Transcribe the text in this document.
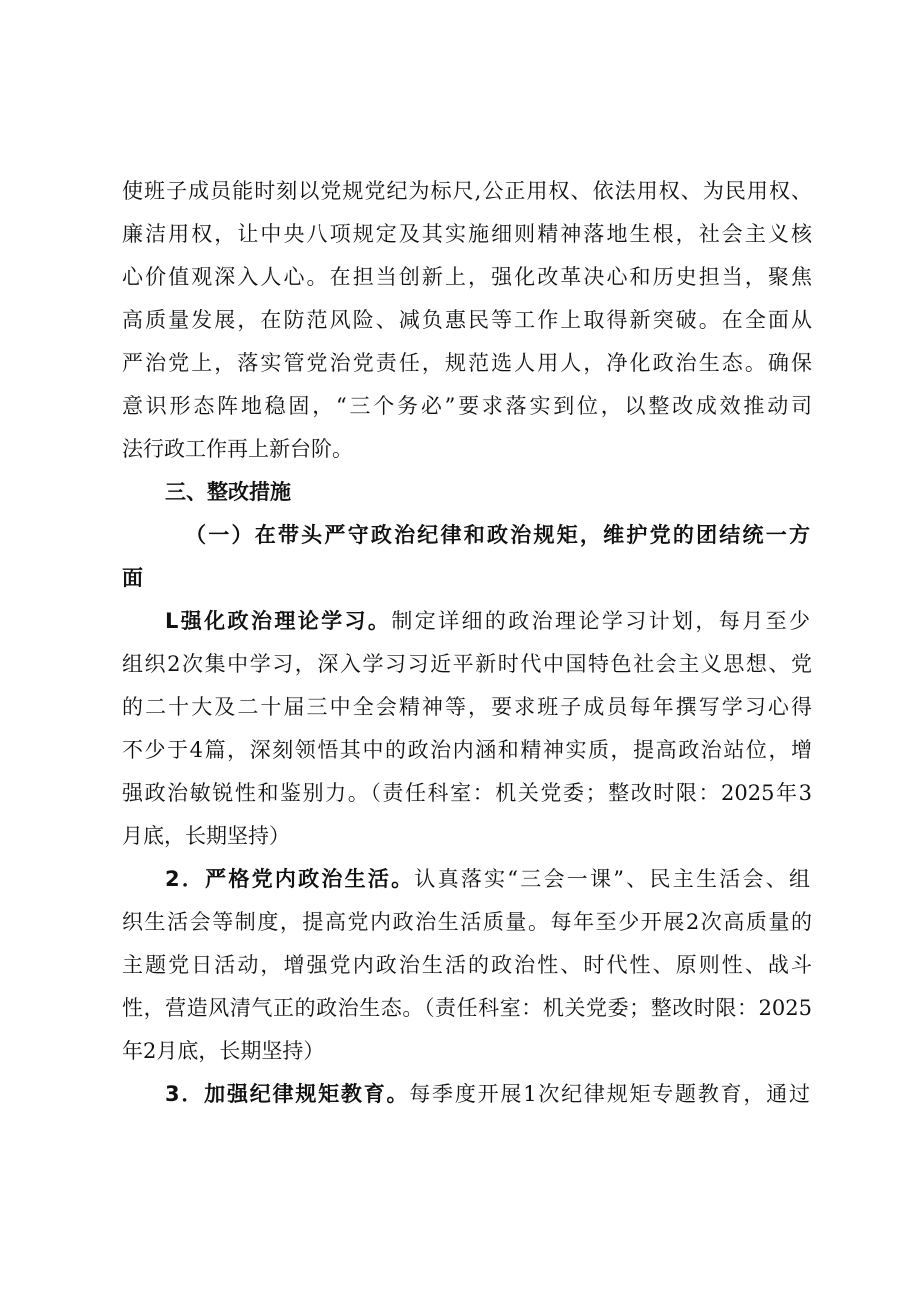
使班子成员能时刻以党规党纪为标尺,公正用权、依法用权、为民用权、
廉洁用权，让中央八项规定及其实施细则精神落地生根，社会主义核
心价值观深入人心。在担当创新上，强化改革决心和历史担当，聚焦
高质量发展，在防范风险、减负惠民等工作上取得新突破。在全面从
严治党上，落实管党治党责任，规范选人用人，净化政治生态。确保
意识形态阵地稳固，“三个务必”要求落实到位，以整改成效推动司
法行政工作再上新台阶。
三、整改措施
（一）在带头严守政治纪律和政治规矩，维护党的团结统一方
面
L强化政治理论学习。制定详细的政治理论学习计划，每月至少
组织2次集中学习，深入学习习近平新时代中国特色社会主义思想、党
的二十大及二十届三中全会精神等，要求班子成员每年撰写学习心得
不少于4篇，深刻领悟其中的政治内涵和精神实质，提高政治站位，增
强政治敏锐性和鉴别力。（责任科室：机关党委；整改时限：2025年3
月底，长期坚持）
2．严格党内政治生活。认真落实“三会一课”、民主生活会、组
织生活会等制度，提高党内政治生活质量。每年至少开展2次高质量的
主题党日活动，增强党内政治生活的政治性、时代性、原则性、战斗
性，营造风清气正的政治生态。（责任科室：机关党委；整改时限：2025
年2月底，长期坚持）
3．加强纪律规矩教育。每季度开展1次纪律规矩专题教育，通过
